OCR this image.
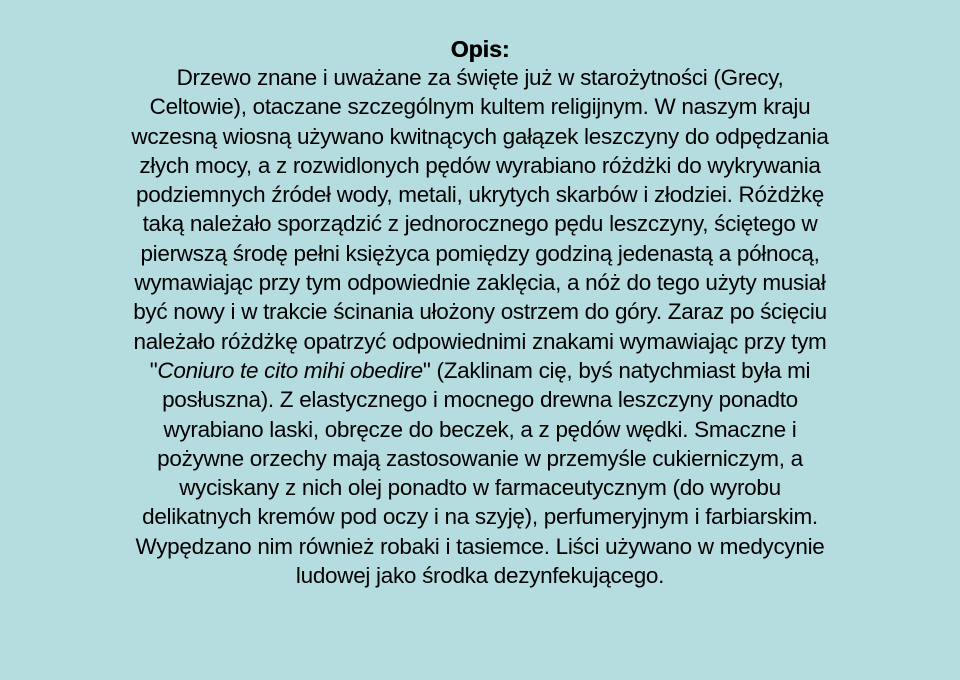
Opis:
Drzewo znane i uważane za święte już w starożytności (Grecy,
Celtowie), otaczane szczególnym kultem religijnym. W naszym kraju
wczesną wiosną używano kwitnących gałązek leszczyny do odpędzania
złych mocy, a z rozwidlonych pędów wyrabiano różdżki do wykrywania
podziemnych źródeł wody, metali, ukrytych skarbów i złodziei. Różdżkę
taką należało sporządzić z jednorocznego pędu leszczyny, ściętego w
pierwszą środę pełni księżyca pomiędzy godziną jedenastą a północą,
wymawiając przy tym odpowiednie zaklęcia, a nóż do tego użyty musiał
być nowy i w trakcie ścinania ułożony ostrzem do góry. Zaraz po ścięciu
należało różdżkę opatrzyć odpowiednimi znakami wymawiając przy tym
"Coniuro te cito mihi obedire" (Zaklinam cię, byś natychmiast była mi
posłuszna). Z elastycznego i mocnego drewna leszczyny ponadto
wyrabiano laski, obręcze do beczek, a z pędów wędki. Smaczne i
pożywne orzechy mają zastosowanie w przemyśle cukierniczym, a
wyciskany z nich olej ponadto w farmaceutycznym (do wyrobu
delikatnych kremów pod oczy i na szyję), perfumeryjnym i farbiarskim.
Wypędzano nim również robaki i tasiemce. Liści używano w medycynie
ludowej jako środka dezynfekującego.
